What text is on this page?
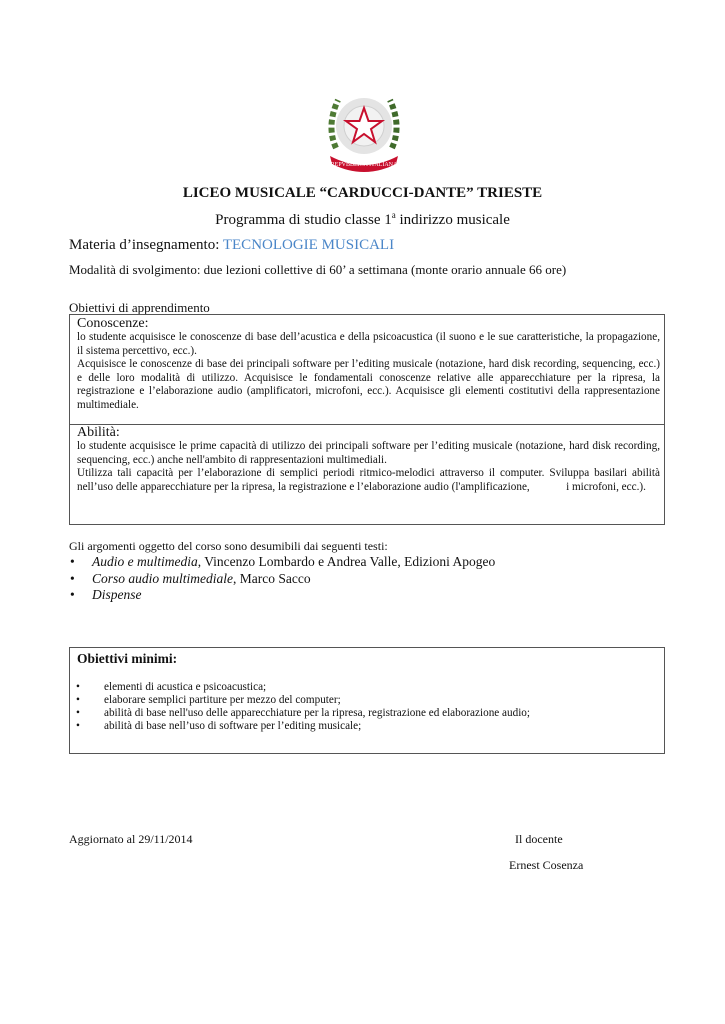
REPVBBLICA ITALIANA
LICEO MUSICALE “CARDUCCI-DANTE” TRIESTE
Programma di studio classe 1$^a$ indirizzo musicale
Materia d’insegnamento: TECNOLOGIE MUSICALI
Modalità di svolgimento: due lezioni collettive di 60’ a settimana (monte orario annuale 66 ore)
Obiettivi di apprendimento
Conoscenze:

lo studente acquisisce le conoscenze di base dell’acustica e della psicoacustica (il suono e le sue caratteristiche, la propagazione, il sistema percettivo, ecc.).

Acquisisce le conoscenze di base dei principali software per l’editing musicale (notazione, hard disk recording, sequencing, ecc.) e delle loro modalità di utilizzo. Acquisisce le fondamentali conoscenze relative alle apparecchiature per la ripresa, la registrazione e l’elaborazione audio (amplificatori, microfoni, ecc.). Acquisisce gli elementi costitutivi della rappresentazione multimediale.

Abilità:

lo studente acquisisce le prime capacità di utilizzo dei principali software per l’editing musicale (notazione, hard disk recording, sequencing, ecc.) anche nell'ambito di rappresentazioni multimediali.

Utilizza tali capacità per l’elaborazione di semplici periodi ritmico-melodici attraverso il computer. Sviluppa basilari abilità nell’uso delle apparecchiature per la ripresa, la registrazione e l’elaborazione audio (l'amplificazione,             i microfoni, ecc.).

Gli argomenti oggetto del corso sono desumibili dai seguenti testi:
• Audio e multimedia, Vincenzo Lombardo e Andrea Valle, Edizioni Apogeo
• Corso audio multimediale, Marco Sacco
• Dispense
Obiettivi minimi:
• elementi di acustica e psicoacustica;
• elaborare semplici partiture per mezzo del computer;
• abilità di base nell'uso delle apparecchiature per la ripresa, registrazione ed elaborazione audio;
• abilità di base nell’uso di software per l’editing musicale;
Aggiornato al 29/11/2014	Il docente
Ernest Cosenza
